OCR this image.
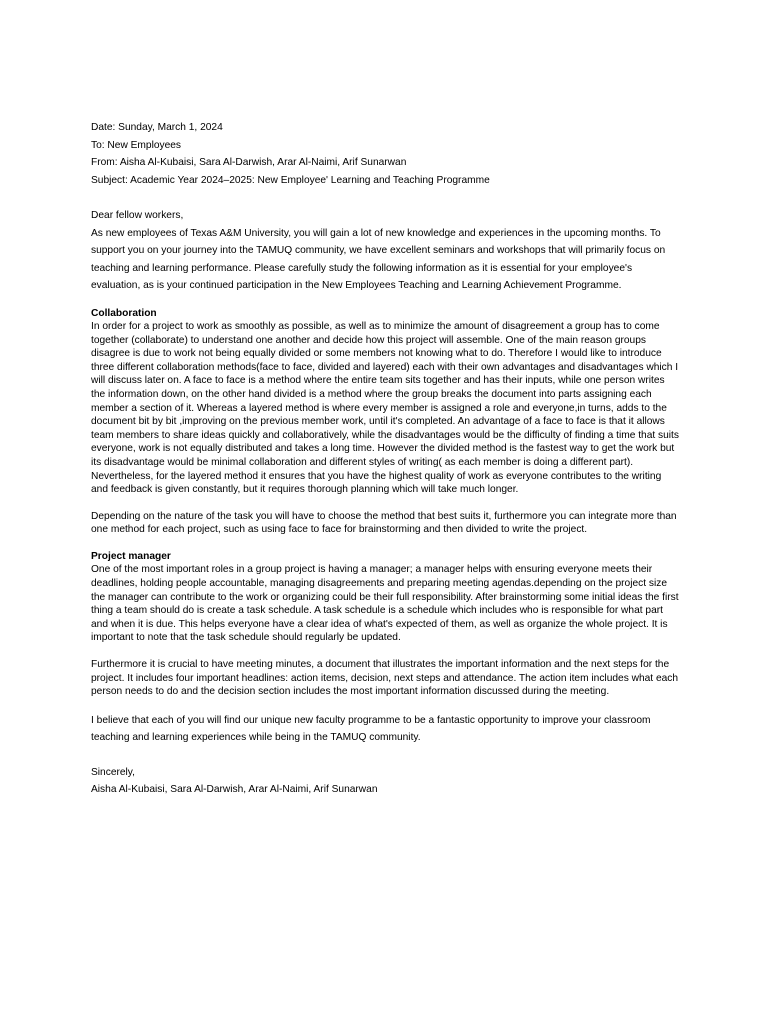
Date: Sunday, March 1, 2024
To: New Employees
From: Aisha Al-Kubaisi, Sara Al-Darwish, Arar Al-Naimi, Arif Sunarwan
Subject: Academic Year 2024–2025: New Employee' Learning and Teaching Programme
Dear fellow workers,

As new employees of Texas A&M University, you will gain a lot of new knowledge and experiences in the upcoming months. To support you on your journey into the TAMUQ community, we have excellent seminars and workshops that will primarily focus on teaching and learning performance. Please carefully study the following information as it is essential for your employee's evaluation, as is your continued participation in the New Employees Teaching and Learning Achievement Programme.

Collaboration

In order for a project to work as smoothly as possible, as well as to minimize the amount of disagreement a group has to come together (collaborate) to understand one another and decide how this project will assemble. One of the main reason groups disagree is due to work not being equally divided or some members not knowing what to do. Therefore I would like to introduce three different collaboration methods(face to face, divided and layered) each with their own advantages and disadvantages which I will discuss later on. A face to face is a method where the entire team sits together and has their inputs, while one person writes the information down, on the other hand divided is a method where the group breaks the document into parts assigning each member a section of it. Whereas a layered method is where every member is assigned a role and everyone,in turns, adds to the document bit by bit ,improving on the previous member work, until it's completed. An advantage of a face to face is that it allows team members to share ideas quickly and collaboratively, while the disadvantages would be the difficulty of finding a time that suits everyone, work is not equally distributed and takes a long time. However the divided method is the fastest way to get the work but its disadvantage would be minimal collaboration and different styles of writing( as each member is doing a different part). Nevertheless, for the layered method it ensures that you have the highest quality of work as everyone contributes to the writing and feedback is given constantly, but it requires thorough planning which will take much longer.

Depending on the nature of the task you will have to choose the method that best suits it, furthermore you can integrate more than one method for each project, such as using face to face for brainstorming and then divided to write the project.

Project manager

One of the most important roles in a group project is having a manager; a manager helps with ensuring everyone meets their deadlines, holding people accountable, managing disagreements and preparing meeting agendas.depending on the project size the manager can contribute to the work or organizing could be their full responsibility. After brainstorming some initial ideas the first thing a team should do is create a task schedule. A task schedule is a schedule which includes who is responsible for what part and when it is due. This helps everyone have a clear idea of what's expected of them, as well as organize the whole project. It is important to note that the task schedule should regularly be updated.

Furthermore it is crucial to have meeting minutes, a document that illustrates the important information and the next steps for the project. It includes four important headlines: action items, decision, next steps and attendance. The action item includes what each person needs to do and the decision section includes the most important information discussed during the meeting.

I believe that each of you will find our unique new faculty programme to be a fantastic opportunity to improve your classroom teaching and learning experiences while being in the TAMUQ community.

Sincerely,
Aisha Al-Kubaisi, Sara Al-Darwish, Arar Al-Naimi, Arif Sunarwan
